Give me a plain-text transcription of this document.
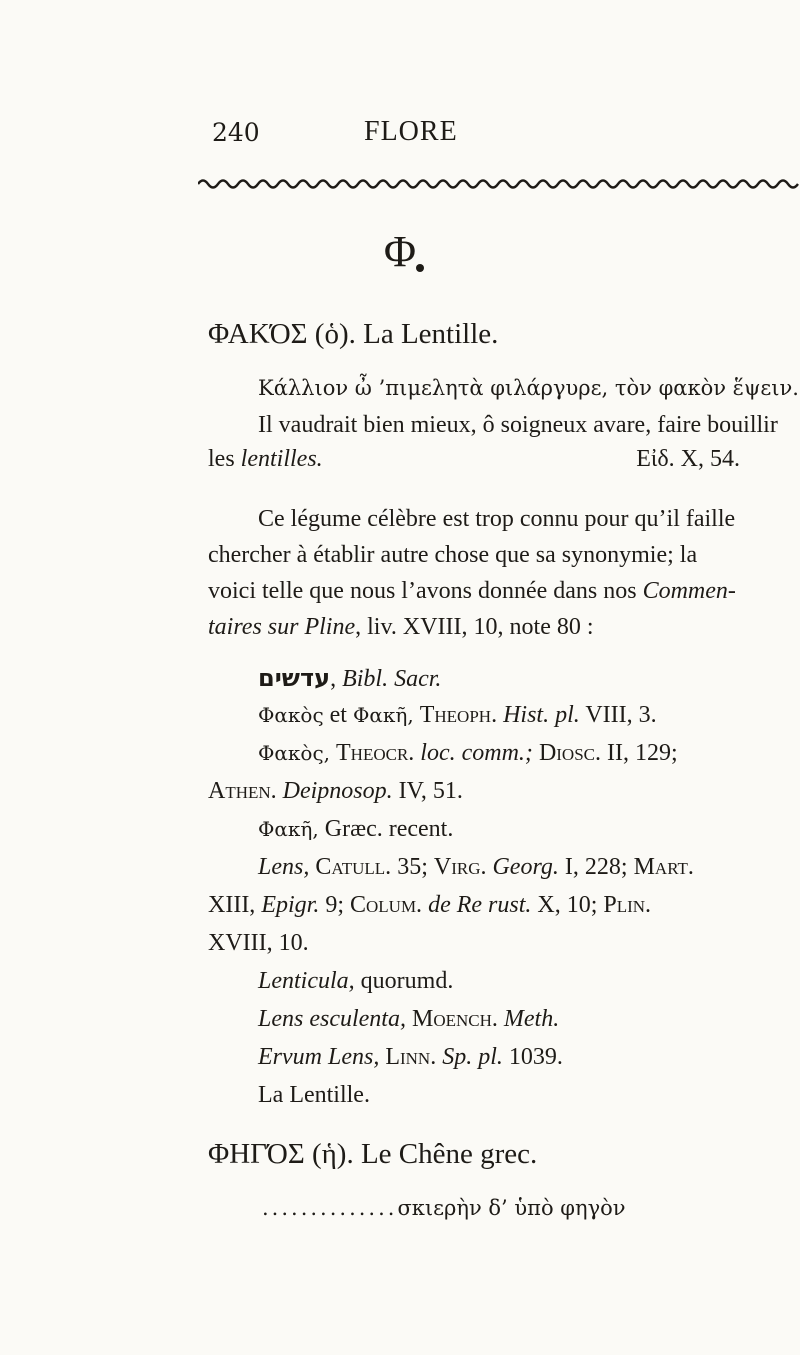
240	FLORE
Φ
ΦΑΚΌΣ (ὁ). La Lentille.
Κάλλιον ὦ ’πιμελητὰ φιλάργυρε, τὸν φακὸν ἕψειν.
Il vaudrait bien mieux, ô soigneux avare, faire bouillir
les lentilles.	Εἰδ. X, 54.
Ce légume célèbre est trop connu pour qu’il faille
chercher à établir autre chose que sa synonymie; la
voici telle que nous l’avons donnée dans nos Commen-
taires sur Pline, liv. XVIII, 10, note 80 :
עדשים, Bibl. Sacr.
Φακὸς et Φακῆ, Theoph. Hist. pl. VIII, 3.
Φακὸς, Theocr. loc. comm.; Diosc. II, 129;
Athen. Deipnosop. IV, 51.
Φακῆ, Græc. recent.
Lens, Catull. 35; Virg. Georg. I, 228; Mart.
XIII, Epigr. 9; Colum. de Re rust. X, 10; Plin.
XVIII, 10.
Lenticula, quorumd.
Lens esculenta, Moench. Meth.
Ervum Lens, Linn. Sp. pl. 1039.
La Lentille.
ΦΗΓΌΣ (ἡ). Le Chêne grec.
..............σκιερὴν δ’ ὑπὸ φηγὸν
